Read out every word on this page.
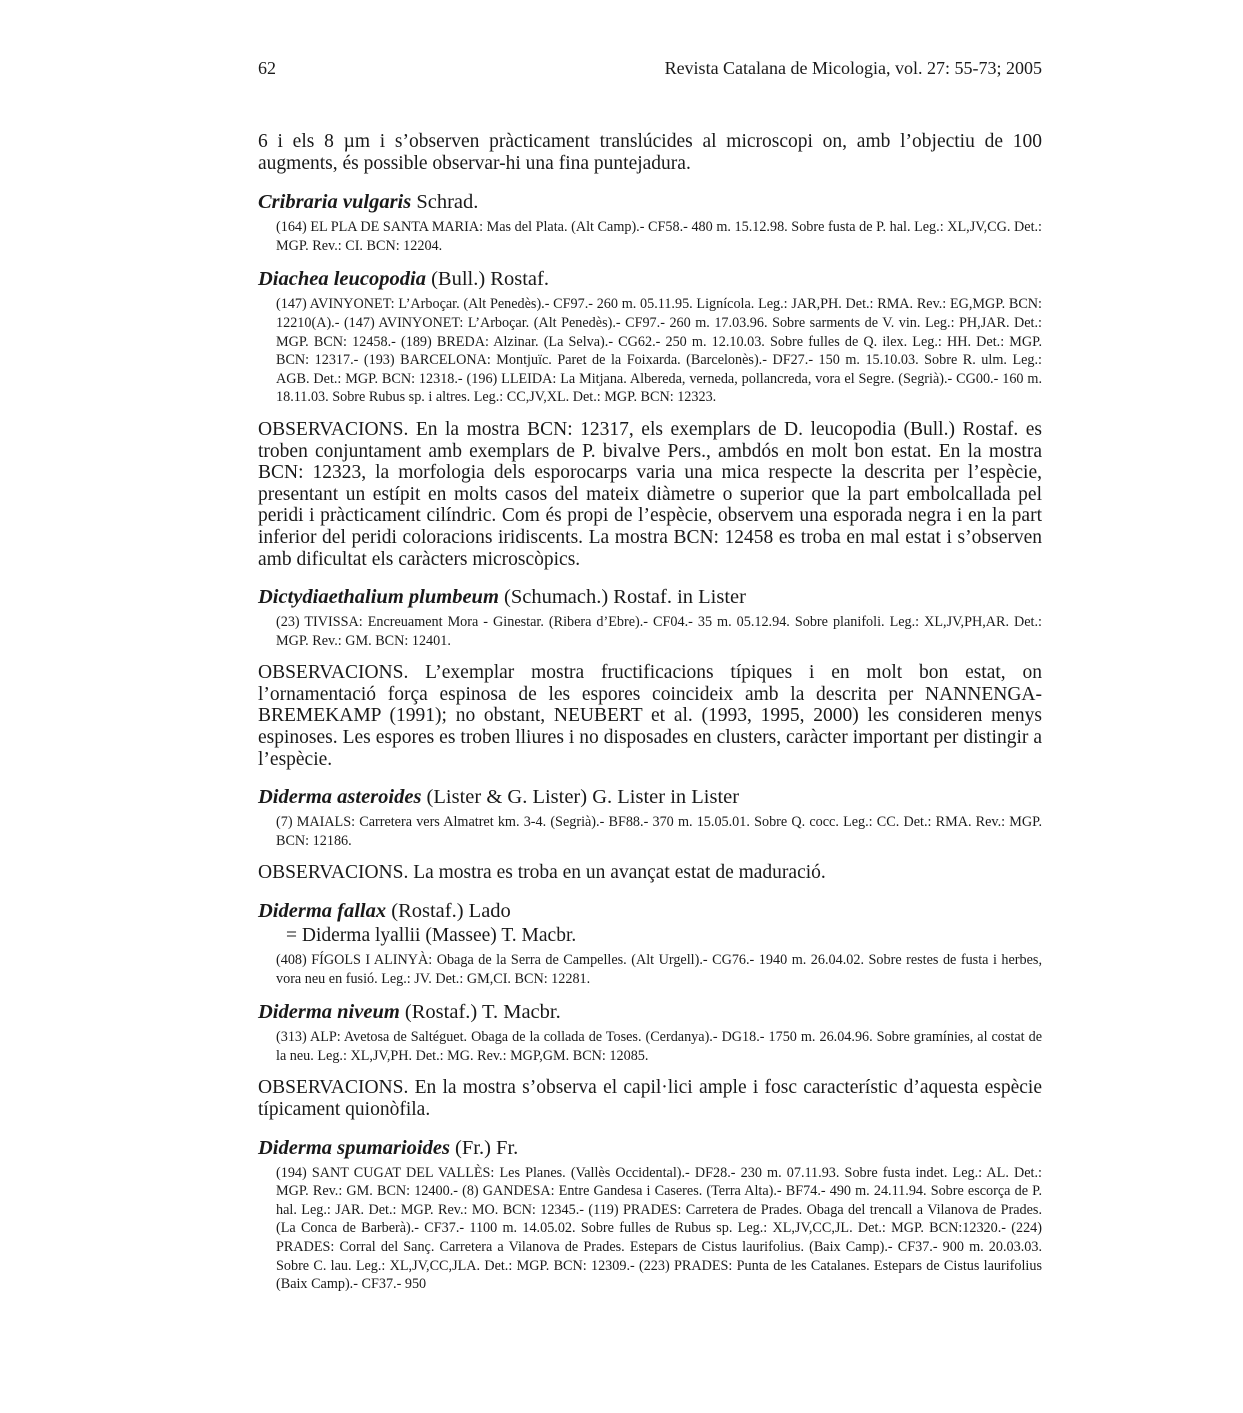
62	Revista Catalana de Micologia, vol. 27: 55-73; 2005

6 i els 8 µm i s’observen pràcticament translúcides al microscopi on, amb l’objectiu de 100 augments, és possible observar-hi una fina puntejadura.

Cribraria vulgaris Schrad.

(164) EL PLA DE SANTA MARIA: Mas del Plata. (Alt Camp).- CF58.- 480 m. 15.12.98. Sobre fusta de P. hal. Leg.: XL,JV,CG. Det.: MGP. Rev.: CI. BCN: 12204.

Diachea leucopodia (Bull.) Rostaf.

(147) AVINYONET: L’Arboçar. (Alt Penedès).- CF97.- 260 m. 05.11.95. Lignícola. Leg.: JAR,PH. Det.: RMA. Rev.: EG,MGP. BCN: 12210(A).- (147) AVINYONET: L’Arboçar. (Alt Penedès).- CF97.- 260 m. 17.03.96. Sobre sarments de V. vin. Leg.: PH,JAR. Det.: MGP. BCN: 12458.- (189) BREDA: Alzinar. (La Selva).- CG62.- 250 m. 12.10.03. Sobre fulles de Q. ilex. Leg.: HH. Det.: MGP. BCN: 12317.- (193) BARCELONA: Montjuïc. Paret de la Foixarda. (Barcelonès).- DF27.- 150 m. 15.10.03. Sobre R. ulm. Leg.: AGB. Det.: MGP. BCN: 12318.- (196) LLEIDA: La Mitjana. Albereda, verneda, pollancreda, vora el Segre. (Segrià).- CG00.- 160 m. 18.11.03. Sobre Rubus sp. i altres. Leg.: CC,JV,XL. Det.: MGP. BCN: 12323.

OBSERVACIONS. En la mostra BCN: 12317, els exemplars de D. leucopodia (Bull.) Rostaf. es troben conjuntament amb exemplars de P. bivalve Pers., ambdós en molt bon estat. En la mostra BCN: 12323, la morfologia dels esporocarps varia una mica respecte la descrita per l’espècie, presentant un estípit en molts casos del mateix diàmetre o superior que la part embolcallada pel peridi i pràcticament cilíndric. Com és propi de l’espècie, observem una esporada negra i en la part inferior del peridi coloracions iridiscents. La mostra BCN: 12458 es troba en mal estat i s’observen amb dificultat els caràcters microscòpics.

Dictydiaethalium plumbeum (Schumach.) Rostaf. in Lister

(23) TIVISSA: Encreuament Mora - Ginestar. (Ribera d’Ebre).- CF04.- 35 m. 05.12.94. Sobre planifoli. Leg.: XL,JV,PH,AR. Det.: MGP. Rev.: GM. BCN: 12401.

OBSERVACIONS. L’exemplar mostra fructificacions típiques i en molt bon estat, on l’ornamentació força espinosa de les espores coincideix amb la descrita per NANNENGA-BREMEKAMP (1991); no obstant, NEUBERT et al. (1993, 1995, 2000) les consideren menys espinoses. Les espores es troben lliures i no disposades en clusters, caràcter important per distingir a l’espècie.

Diderma asteroides (Lister & G. Lister) G. Lister in Lister

(7) MAIALS: Carretera vers Almatret km. 3-4. (Segrià).- BF88.- 370 m. 15.05.01. Sobre Q. cocc. Leg.: CC. Det.: RMA. Rev.: MGP. BCN: 12186.

OBSERVACIONS. La mostra es troba en un avançat estat de maduració.

Diderma fallax (Rostaf.) Lado
= Diderma lyallii (Massee) T. Macbr.

(408) FÍGOLS I ALINYÀ: Obaga de la Serra de Campelles. (Alt Urgell).- CG76.- 1940 m. 26.04.02. Sobre restes de fusta i herbes, vora neu en fusió. Leg.: JV. Det.: GM,CI. BCN: 12281.

Diderma niveum (Rostaf.) T. Macbr.

(313) ALP: Avetosa de Saltéguet. Obaga de la collada de Toses. (Cerdanya).- DG18.- 1750 m. 26.04.96. Sobre gramínies, al costat de la neu. Leg.: XL,JV,PH. Det.: MG. Rev.: MGP,GM. BCN: 12085.

OBSERVACIONS. En la mostra s’observa el capil·lici ample i fosc característic d’aquesta espècie típicament quionòfila.

Diderma spumarioides (Fr.) Fr.

(194) SANT CUGAT DEL VALLÈS: Les Planes. (Vallès Occidental).- DF28.- 230 m. 07.11.93. Sobre fusta indet. Leg.: AL. Det.: MGP. Rev.: GM. BCN: 12400.- (8) GANDESA: Entre Gandesa i Caseres. (Terra Alta).- BF74.- 490 m. 24.11.94. Sobre escorça de P. hal. Leg.: JAR. Det.: MGP. Rev.: MO. BCN: 12345.- (119) PRADES: Carretera de Prades. Obaga del trencall a Vilanova de Prades. (La Conca de Barberà).- CF37.- 1100 m. 14.05.02. Sobre fulles de Rubus sp. Leg.: XL,JV,CC,JL. Det.: MGP. BCN:12320.- (224) PRADES: Corral del Sanç. Carretera a Vilanova de Prades. Estepars de Cistus laurifolius. (Baix Camp).- CF37.- 900 m. 20.03.03. Sobre C. lau. Leg.: XL,JV,CC,JLA. Det.: MGP. BCN: 12309.- (223) PRADES: Punta de les Catalanes. Estepars de Cistus laurifolius (Baix Camp).- CF37.- 950
